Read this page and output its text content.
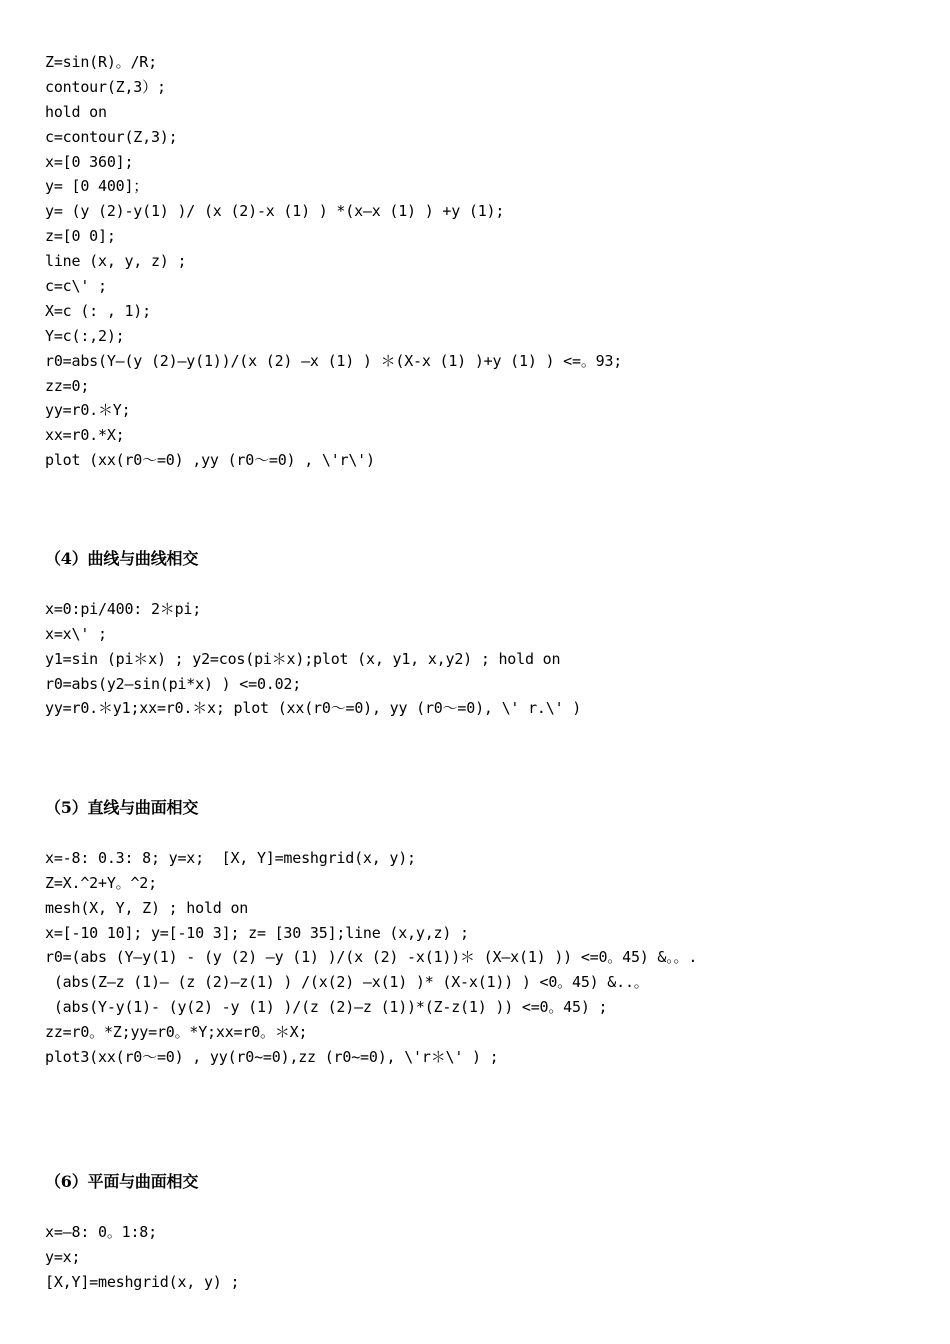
Z=sin(R)。/R;
contour(Z,3）;
hold on
c=contour(Z,3);
x=[0 360];
y= [0 400]；
y= (y (2)-y(1) )/ (x (2)-x (1) ) *(x—x (1) ) +y (1);
z=[0 0];
line (x, y, z) ;
c=c\' ;
X=c (: , 1);
Y=c(:,2);
r0=abs(Y—(y (2)—y(1))/(x (2) —x (1) ) ＊(X-x (1) )+y (1) ) <=。93;
zz=0;
yy=r0.＊Y;
xx=r0.*X;
plot (xx(r0～=0) ,yy (r0～=0) , \'r\')
（4）曲线与曲线相交
x=0:pi/400: 2＊pi;
x=x\' ;
y1=sin (pi＊x) ; y2=cos(pi＊x);plot (x, y1, x,y2) ; hold on
r0=abs(y2—sin(pi*x) ) <=0.02;
yy=r0.＊y1;xx=r0.＊x; plot (xx(r0～=0), yy (r0～=0), \' r.\' )
（5）直线与曲面相交
x=-8: 0.3: 8; y=x;  [X, Y]=meshgrid(x, y);
Z=X.^2+Y。^2;
mesh(X, Y, Z) ; hold on
x=[-10 10]; y=[-10 3]; z= [30 35];line (x,y,z) ;
r0=(abs (Y—y(1) - (y (2) —y (1) )/(x (2) -x(1))＊ (X—x(1) )) <=0。45) &。。.
(abs(Z—z (1)— (z (2)—z(1) ) /(x(2) —x(1) )* (X-x(1)) ) <0。45) &..。
(abs(Y-y(1)- (y(2) -y (1) )/(z (2)—z (1))*(Z-z(1) )) <=0。45) ;
zz=r0。*Z;yy=r0。*Y;xx=r0。＊X;
plot3(xx(r0～=0) , yy(r0~=0),zz (r0~=0), \'r＊\' ) ;
（6）平面与曲面相交
x=—8: 0。1:8;
y=x;
[X,Y]=meshgrid(x, y) ;
